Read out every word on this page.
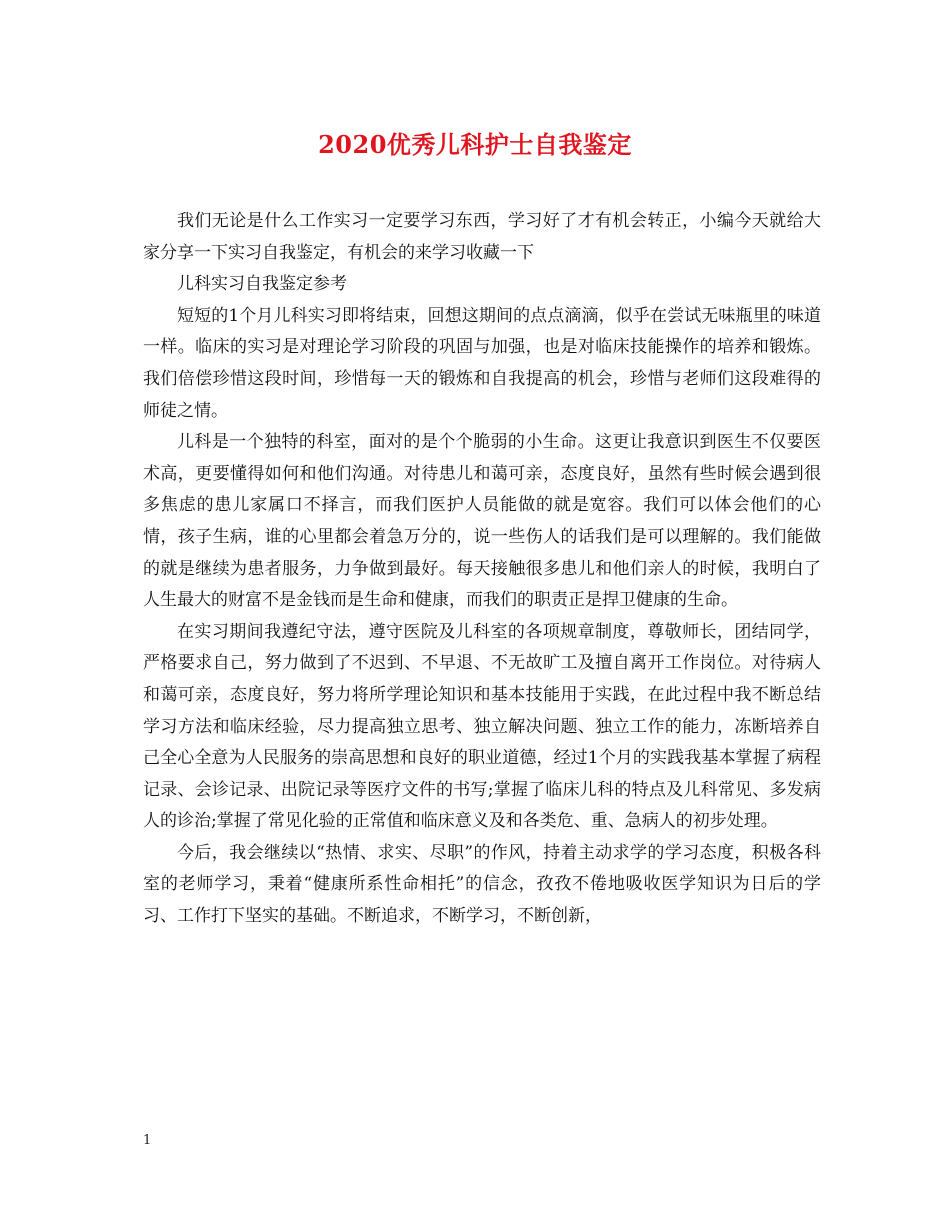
2020优秀儿科护士自我鉴定

我们无论是什么工作实习一定要学习东西，学习好了才有机会转正，小编今天就给大家分享一下实习自我鉴定，有机会的来学习收藏一下

儿科实习自我鉴定参考

短短的1个月儿科实习即将结束，回想这期间的点点滴滴，似乎在尝试无味瓶里的味道一样。临床的实习是对理论学习阶段的巩固与加强，也是对临床技能操作的培养和锻炼。我们倍偿珍惜这段时间，珍惜每一天的锻炼和自我提高的机会，珍惜与老师们这段难得的师徒之情。

儿科是一个独特的科室，面对的是个个脆弱的小生命。这更让我意识到医生不仅要医术高，更要懂得如何和他们沟通。对待患儿和蔼可亲，态度良好，虽然有些时候会遇到很多焦虑的患儿家属口不择言，而我们医护人员能做的就是宽容。我们可以体会他们的心情，孩子生病，谁的心里都会着急万分的，说一些伤人的话我们是可以理解的。我们能做的就是继续为患者服务，力争做到最好。每天接触很多患儿和他们亲人的时候，我明白了人生最大的财富不是金钱而是生命和健康，而我们的职责正是捍卫健康的生命。

在实习期间我遵纪守法，遵守医院及儿科室的各项规章制度，尊敬师长，团结同学，严格要求自己，努力做到了不迟到、不早退、不无故旷工及擅自离开工作岗位。对待病人和蔼可亲，态度良好，努力将所学理论知识和基本技能用于实践，在此过程中我不断总结学习方法和临床经验，尽力提高独立思考、独立解决问题、独立工作的能力，冻断培养自己全心全意为人民服务的崇高思想和良好的职业道德，经过1个月的实践我基本掌握了病程记录、会诊记录、出院记录等医疗文件的书写;掌握了临床儿科的特点及儿科常见、多发病人的诊治;掌握了常见化验的正常值和临床意义及和各类危、重、急病人的初步处理。

今后，我会继续以“热情、求实、尽职”的作风，持着主动求学的学习态度，积极各科室的老师学习，秉着“健康所系性命相托”的信念，孜孜不倦地吸收医学知识为日后的学习、工作打下坚实的基础。不断追求，不断学习，不断创新，

1
